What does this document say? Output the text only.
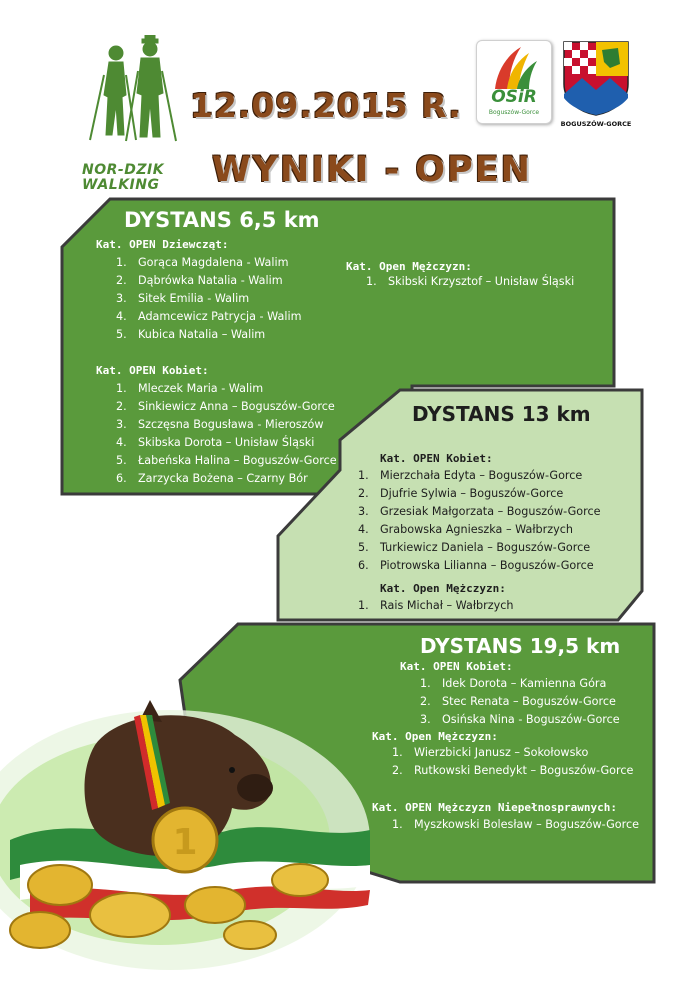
NOR-DZIK
WALKING
12.09.2015 R.
WYNIKI - OPEN
OSiR
Boguszów-Gorce
BOGUSZÓW-GORCE
1
DYSTANS 6,5 km
Kat. OPEN Dziewcząt:
1. Gorąca Magdalena - Walim
2. Dąbrówka Natalia - Walim
3. Sitek Emilia - Walim
4. Adamcewicz Patrycja - Walim
5. Kubica Natalia – Walim
Kat. Open Mężczyzn:
1. Skibski Krzysztof – Unisław Śląski
Kat. OPEN Kobiet:
1. Mleczek Maria - Walim
2. Sinkiewicz Anna – Boguszów-Gorce
3. Szczęsna Bogusława - Mieroszów
4. Skibska Dorota – Unisław Śląski
5. Łabeńska Halina – Boguszów-Gorce
6. Zarzycka Bożena – Czarny Bór
DYSTANS 13 km
Kat. OPEN Kobiet:
1. Mierzchała Edyta – Boguszów-Gorce
2. Djufrie Sylwia – Boguszów-Gorce
3. Grzesiak Małgorzata – Boguszów-Gorce
4. Grabowska Agnieszka – Wałbrzych
5. Turkiewicz Daniela – Boguszów-Gorce
6. Piotrowska Lilianna – Boguszów-Gorce
Kat. Open Mężczyzn:
1. Rais Michał – Wałbrzych
DYSTANS 19,5 km
Kat. OPEN Kobiet:
1. Idek Dorota – Kamienna Góra
2. Stec Renata – Boguszów-Gorce
3. Osińska Nina - Boguszów-Gorce
Kat. Open Mężczyzn:
1. Wierzbicki Janusz – Sokołowsko
2. Rutkowski Benedykt – Boguszów-Gorce
Kat. OPEN Mężczyzn Niepełnosprawnych:
1. Myszkowski Bolesław – Boguszów-Gorce
